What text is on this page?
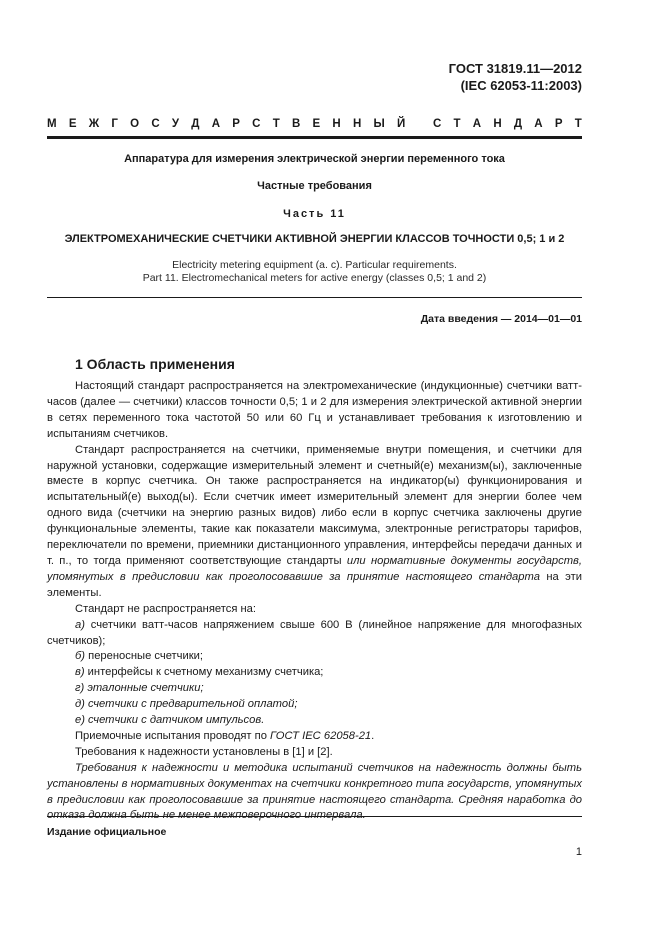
ГОСТ 31819.11—2012
(IEC 62053-11:2003)
М Е Ж Г О С У Д А Р С Т В Е Н Н Ы Й
С Т А Н Д А Р Т
Аппаратура для измерения электрической энергии переменного тока
Частные требования
Часть 11
ЭЛЕКТРОМЕХАНИЧЕСКИЕ СЧЕТЧИКИ АКТИВНОЙ ЭНЕРГИИ КЛАССОВ ТОЧНОСТИ 0,5; 1 и 2
Electricity metering equipment (a. c). Particular requirements.
Part 11. Electromechanical meters for active energy (classes 0,5; 1 and 2)
Дата введения — 2014—01—01
1 Область применения

Настоящий стандарт распространяется на электромеханические (индукционные) счетчики ватт-часов (далее — счетчики) классов точности 0,5; 1 и 2 для измерения электрической активной энергии в сетях переменного тока частотой 50 или 60 Гц и устанавливает требования к изготовлению и испытаниям счетчиков.

Стандарт распространяется на счетчики, применяемые внутри помещения, и счетчики для наружной установки, содержащие измерительный элемент и счетный(е) механизм(ы), заключенные вместе в корпус счетчика. Он также распространяется на индикатор(ы) функционирования и испытательный(е) выход(ы). Если счетчик имеет измерительный элемент для энергии более чем одного вида (счетчики на энергию разных видов) либо если в корпус счетчика заключены другие функциональные элементы, такие как показатели максимума, электронные регистраторы тарифов, переключатели по времени, приемники дистанционного управления, интерфейсы передачи данных и т. п., то тогда применяют соответствующие стандарты или нормативные документы государств, упомянутых в предисловии как проголосовавшие за принятие настоящего стандарта на эти элементы.

Стандарт не распространяется на:

а) счетчики ватт-часов напряжением свыше 600 В (линейное напряжение для многофазных счетчиков);

б) переносные счетчики;

в) интерфейсы к счетному механизму счетчика;

г) эталонные счетчики;

д) счетчики с предварительной оплатой;

е) счетчики с датчиком импульсов.

Приемочные испытания проводят по ГОСТ IEC 62058-21.

Требования к надежности установлены в [1] и [2].

Требования к надежности и методика испытаний счетчиков на надежность должны быть установлены в нормативных документах на счетчики конкретного типа государств, упомянутых в предисловии как проголосовавшие за принятие настоящего стандарта. Средняя наработка до

Издание официальное
1
